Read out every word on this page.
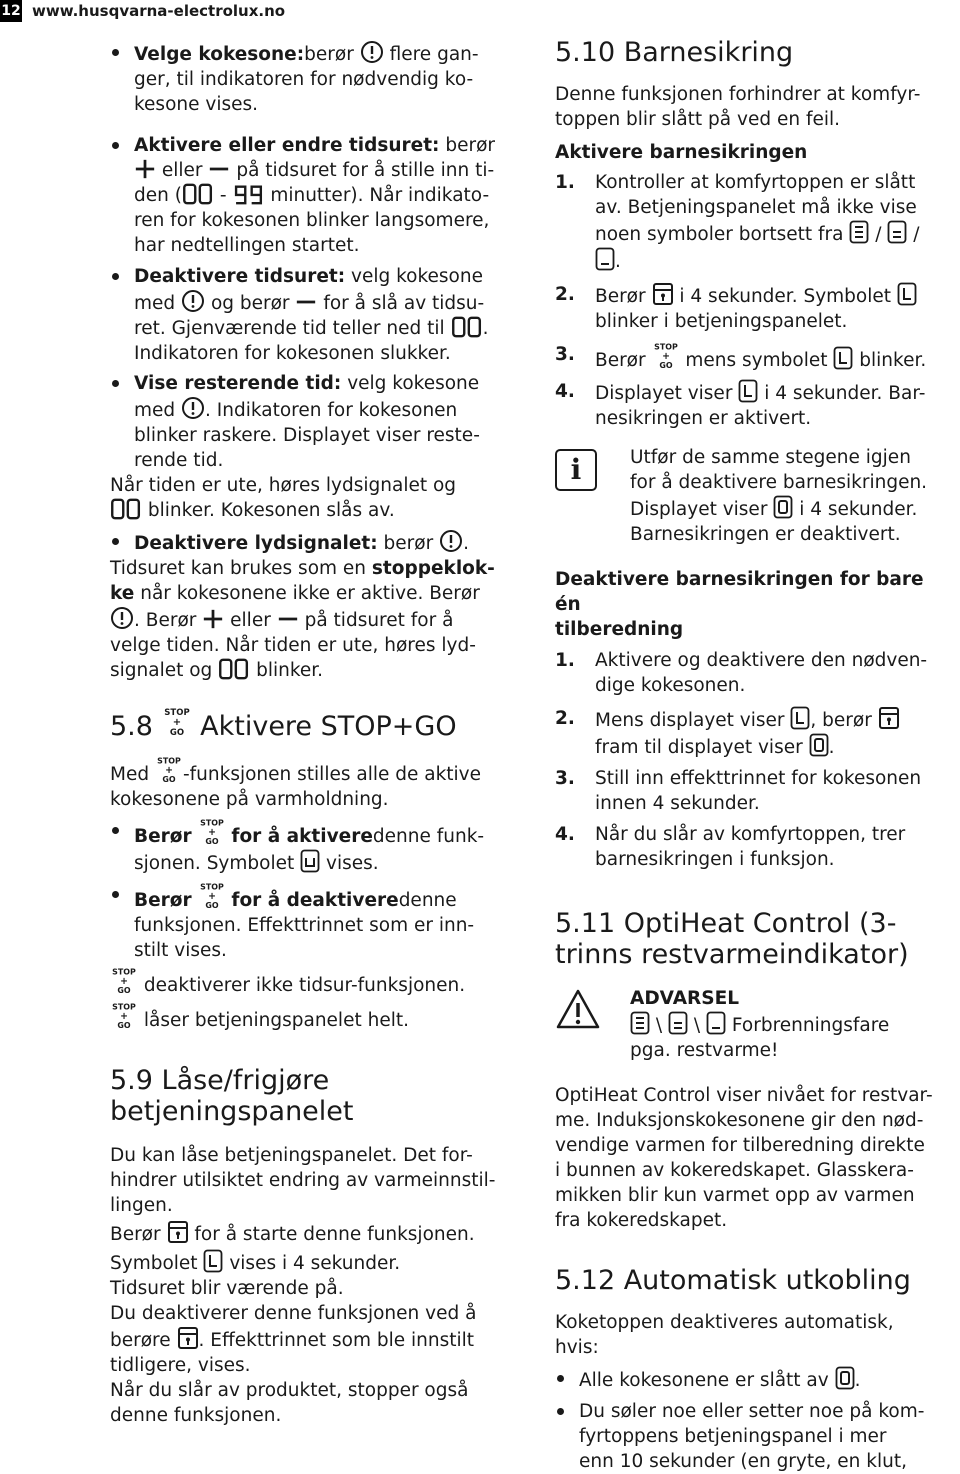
12 www.husqvarna-electrolux.no

Velge kokesone:berør flere gan-
ger, til indikatoren for nødvendig ko-
kesone vises.

Aktivere eller endre tidsuret: berør

eller på tidsuret for å stille inn ti-
den ( - minutter). Når indikato-
ren for kokesonen blinker langsomere,
har nedtellingen startet.

Deaktivere tidsuret: velg kokesone
med og berør for å slå av tidsu-
ret. Gjenværende tid teller ned til .
Indikatoren for kokesonen slukker.

Vise resterende tid: velg kokesone
med . Indikatoren for kokesonen
blinker raskere. Displayet viser reste-
rende tid.

Når tiden er ute, høres lydsignalet og

blinker. Kokesonen slås av.

Deaktivere lydsignalet: berør .

Tidsuret kan brukes som en stoppeklok-
ke når kokesonene ikke er aktive. Berør

. Berør eller på tidsuret for å
velge tiden. Når tiden er ute, høres lyd-
signalet og blinker.

5.8 Aktivere STOP+GO

Med -funksjonen stilles alle de aktive
kokesonene på varmholdning.

Berør for å aktiveredenne funk-
sjonen. Symbolet vises.

Berør for å deaktiveredenne
funksjonen. Effekttrinnet som er inn-
stilt vises.

deaktiverer ikke tidsur-funksjonen.

låser betjeningspanelet helt.

5.9 Låse/frigjøre
betjeningspanelet

Du kan låse betjeningspanelet. Det for-
hindrer utilsiktet endring av varmeinnstil-
lingen.

Berør for å starte denne funksjonen.

Symbolet vises i 4 sekunder.

Tidsuret blir værende på.

Du deaktiverer denne funksjonen ved å
berøre . Effekttrinnet som ble innstilt
tidligere, vises.

Når du slår av produktet, stopper også
denne funksjonen.

5.10 Barnesikring

Denne funksjonen forhindrer at komfyr-
toppen blir slått på ved en feil.

Aktivere barnesikringen
1. Kontroller at komfyrtoppen er slått
av. Betjeningspanelet må ikke vise
noen symboler bortsett fra / /

.

2. Berør i 4 sekunder. Symbolet

blinker i betjeningspanelet.

3. Berør mens symbolet blinker.

4. Displayet viser i 4 sekunder. Bar-
nesikringen er aktivert.

i	Utfør de samme stegene igjen
for å deaktivere barnesikringen.
Displayet viser i 4 sekunder.
Barnesikringen er deaktivert.

Deaktivere barnesikringen for bare én
tilberedning
1. Aktivere og deaktivere den nødven-
dige kokesonen.

2. Mens displayet viser , berør

fram til displayet viser .

3. Still inn effekttrinnet for kokesonen
innen 4 sekunder.

4. Når du slår av komfyrtoppen, trer
barnesikringen i funksjon.

5.11 OptiHeat Control (3-
trinns restvarmeindikator)

ADVARSEL

\ \ Forbrenningsfare
pga. restvarme!

OptiHeat Control viser nivået for restvar-
me. Induksjonskokesonene gir den nød-
vendige varmen for tilberedning direkte
i bunnen av kokeredskapet. Glasskera-
mikken blir kun varmet opp av varmen
fra kokeredskapet.

5.12 Automatisk utkobling

Koketoppen deaktiveres automatisk,
hvis:

Alle kokesonene er slått av .

Du søler noe eller setter noe på kom-
fyrtoppens betjeningspanel i mer
enn 10 sekunder (en gryte, en klut,
